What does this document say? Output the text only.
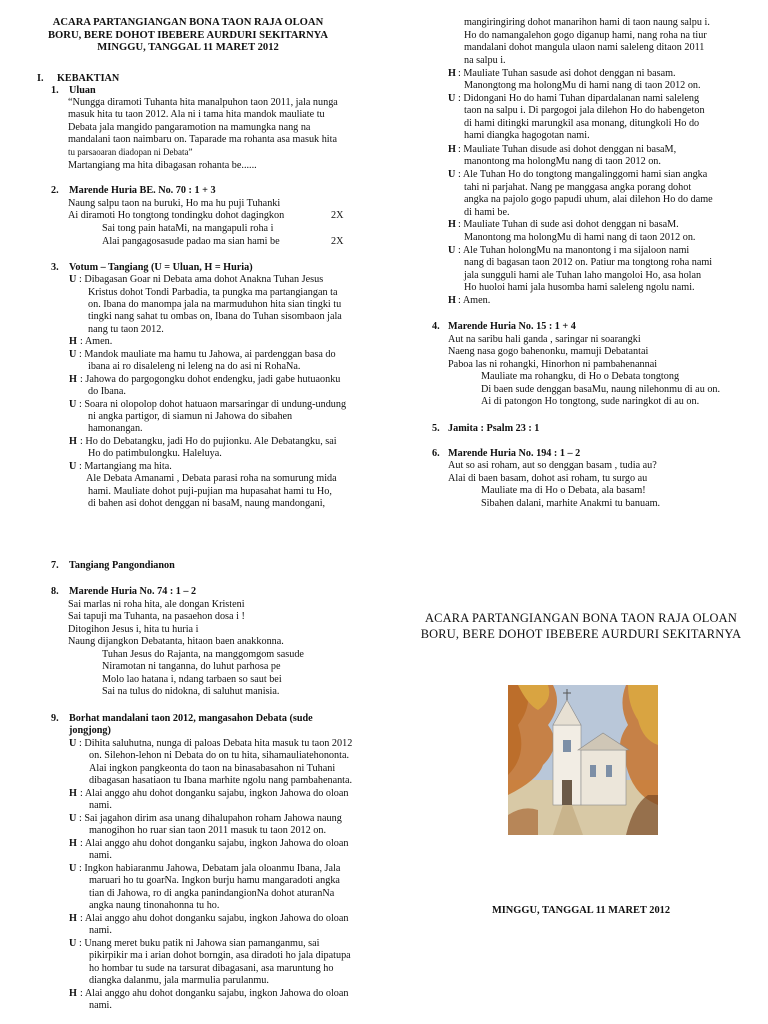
ACARA PARTANGIANGAN BONA TAON RAJA OLOAN
BORU, BERE DOHOT IBEBERE AURDURI SEKITARNYA
MINGGU, TANGGAL 11 MARET 2012
I. KEBAKTIAN
1. Uluan
“Nungga diramoti Tuhanta hita manalpuhon taon 2011, jala nunga
masuk hita tu taon 2012. Ala ni i tama hita mandok mauliate tu
Debata jala mangido pangaramotion na mamungka nang na
mandalani taon naimbaru on. Taparade ma rohanta asa masuk hita
tu parsaoaran diadopan ni Debata”
Martangiang ma hita dibagasan rohanta be......
2. Marende Huria BE. No. 70 : 1 + 3
Naung salpu taon na buruki, Ho ma hu puji Tuhanki
Ai diramoti Ho tongtong tondingku dohot dagingkon	2X
Sai tong pain hataMi, na mangapuli roha i
Alai pangagosasude padao ma sian hami be	2X
3. Votum – Tangiang (U = Uluan, H = Huria)
U : Dibagasan Goar ni Debata ama dohot Anakna Tuhan Jesus
Kristus dohot Tondi Parbadia, ta pungka ma partangiangan ta
on. Ibana do manompa jala na marmuduhon hita sian tingki tu
tingki nang sahat tu ombas on, Ibana do Tuhan sisombaon jala
nang tu taon 2012.
H : Amen.
U : Mandok mauliate ma hamu tu Jahowa, ai pardenggan basa do
ibana ai ro disaleleng ni leleng na do asi ni RohaNa.
H : Jahowa do pargogongku dohot endengku, jadi gabe hutuaonku
do Ibana.
U : Soara ni olopolop dohot hatuaon marsaringar di undung-undung
ni angka partigor, di siamun ni Jahowa do sibahen
hamonangan.
H : Ho do Debatangku, jadi Ho do pujionku. Ale Debatangku, sai
Ho do patimbulongku. Haleluya.
U : Martangiang ma hita.
Ale Debata Amanami , Debata parasi roha na somurung mida
hami. Mauliate dohot puji-pujian ma hupasahat hami tu Ho,
di bahen asi dohot denggan ni basaM, naung mandongani,
7. Tangiang Pangondianon
8. Marende Huria No. 74 : 1 – 2
Sai marlas ni roha hita, ale dongan Kristeni
Sai tapuji ma Tuhanta, na pasaehon dosa i !
Ditogihon Jesus i, hita tu huria i
Naung dijangkon Debatanta, hitaon baen anakkonna.
Tuhan Jesus do Rajanta, na manggomgom sasude
Niramotan ni tanganna, do luhut parhosa pe
Molo lao hatana i, ndang tarbaen so saut bei
Sai na tulus do nidokna, di saluhut manisia.
9. Borhat mandalani taon 2012, mangasahon Debata (sude
jongjong)
U : Dihita saluhutna, nunga di paloas Debata hita masuk tu taon 2012
on. Silehon-lehon ni Debata do on tu hita, sihamauliatehononta.
Alai ingkon pangkeonta do taon na binasabasahon ni Tuhani
dibagasan hasatiaon tu Ibana marhite ngolu nang pambahenanta.
H : Alai anggo ahu dohot donganku sajabu, ingkon Jahowa do oloan
nami.
U : Sai jagahon dirim asa unang dihalupahon roham Jahowa naung
manogihon ho ruar sian taon 2011 masuk tu taon 2012 on.
H : Alai anggo ahu dohot donganku sajabu, ingkon Jahowa do oloan
nami.
U : Ingkon habiaranmu Jahowa, Debatam jala oloanmu Ibana, Jala
maruari ho tu goarNa. Ingkon burju hamu mangaradoti angka
tian di Jahowa, ro di angka panindangionNa dohot aturanNa
angka naung tinonahonna tu ho.
H : Alai anggo ahu dohot donganku sajabu, ingkon Jahowa do oloan
nami.
U : Unang meret buku patik ni Jahowa sian pamanganmu, sai
pikirpikir ma i arian dohot borngin, asa diradoti ho jala dipatupa
ho hombar tu sude na tarsurat dibagasani, asa maruntung ho
diangka dalanmu, jala marmulia parulanmu.
H : Alai anggo ahu dohot donganku sajabu, ingkon Jahowa do oloan
nami.
mangiringiring dohot manarihon hami di taon naung salpu i.
Ho do namangalehon gogo diganup hami, nang roha na tiur
mandalani dohot mangula ulaon nami saleleng ditaon 2011
na salpu i.
H : Mauliate Tuhan sasude asi dohot denggan ni basam.
Manongtong ma holongMu di hami nang di taon 2012 on.
U : Didongani Ho do hami Tuhan dipardalanan nami saleleng
taon na salpu i. Di pargogoi jala dilehon Ho do habengeton
di hami ditingki marungkil asa monang, ditungkoli Ho do
hami diangka hagogotan nami.
H : Mauliate Tuhan disude asi dohot denggan ni basaM,
manontong ma holongMu nang di taon 2012 on.
U : Ale Tuhan Ho do tongtong mangalinggomi hami sian angka
tahi ni parjahat. Nang pe manggasa angka porang dohot
angka na pajolo gogo papudi uhum, alai dilehon Ho do dame
di hami be.
H : Mauliate Tuhan di sude asi dohot denggan ni basaM.
Manontong ma holongMu di hami nang di taon 2012 on.
U : Ale Tuhan holongMu na manontong i ma sijaloon nami
nang di bagasan taon 2012 on. Patiur ma tongtong roha nami
jala sungguli hami ale Tuhan laho mangoloi Ho, asa holan
Ho huoloi hami jala husomba hami saleleng ngolu nami.
H : Amen.
4. Marende Huria No. 15 : 1 + 4
Aut na saribu hali ganda , saringar ni soarangki
Naeng nasa gogo bahenonku, mamuji Debatantai
Paboa las ni rohangki, Hinorhon ni pambahenannai
Mauliate ma rohangku, di Ho o Debata tongtong
Di baen sude denggan basaMu, naung nilehonmu di au on.
Ai di patongon Ho tongtong, sude naringkot di au on.
5. Jamita : Psalm 23 : 1
6. Marende Huria No. 194 : 1 – 2
Aut so asi roham, aut so denggan basam , tudia au?
Alai di baen basam, dohot asi roham, tu surgo au
Mauliate ma di Ho o Debata, ala basam!
Sibahen dalani, marhite Anakmi tu banuam.
ACARA PARTANGIANGAN BONA TAON RAJA OLOAN
BORU, BERE DOHOT IBEBERE AURDURI SEKITARNYA
MINGGU, TANGGAL 11 MARET 2012
